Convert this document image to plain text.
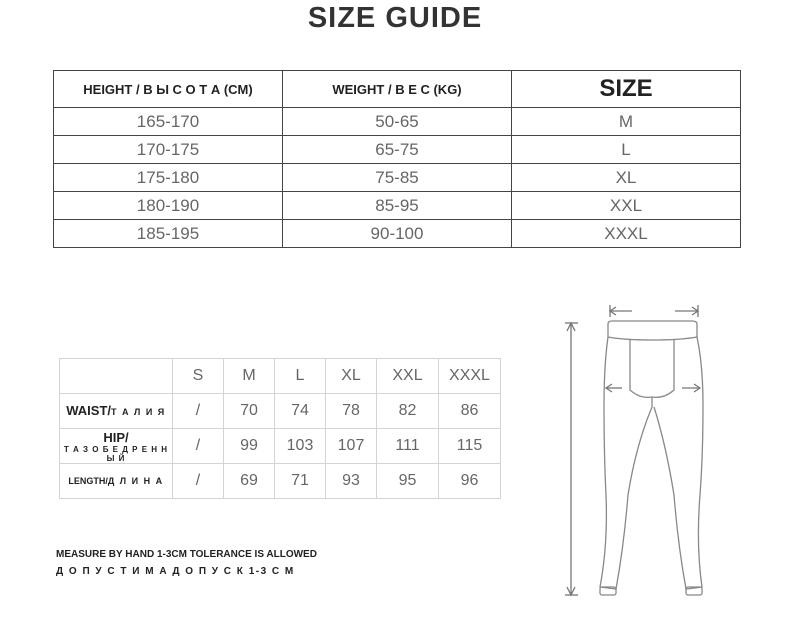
SIZE GUIDE
HEIGHT / В Ы С О Т А (CM)	WEIGHT / В Е С (KG)	SIZE
165-170	50-65	M
170-175	65-75	L
175-180	75-85	XL
180-190	85-95	XXL
185-195	90-100	XXXL
	S	M	L	XL	XXL	XXXL
WAIST/Т А Л И Я	/	70	74	78	82	86

HIP/
Т А З О Б Е Д Р Е Н Н Ы Й	/	99	103	107	111	115
LENGTH/Д Л И Н А	/	69	71	93	95	96
MEASURE BY HAND 1-3CM TOLERANCE IS ALLOWED
Д О П У С Т И М А Д О П У С К 1-3 С М
